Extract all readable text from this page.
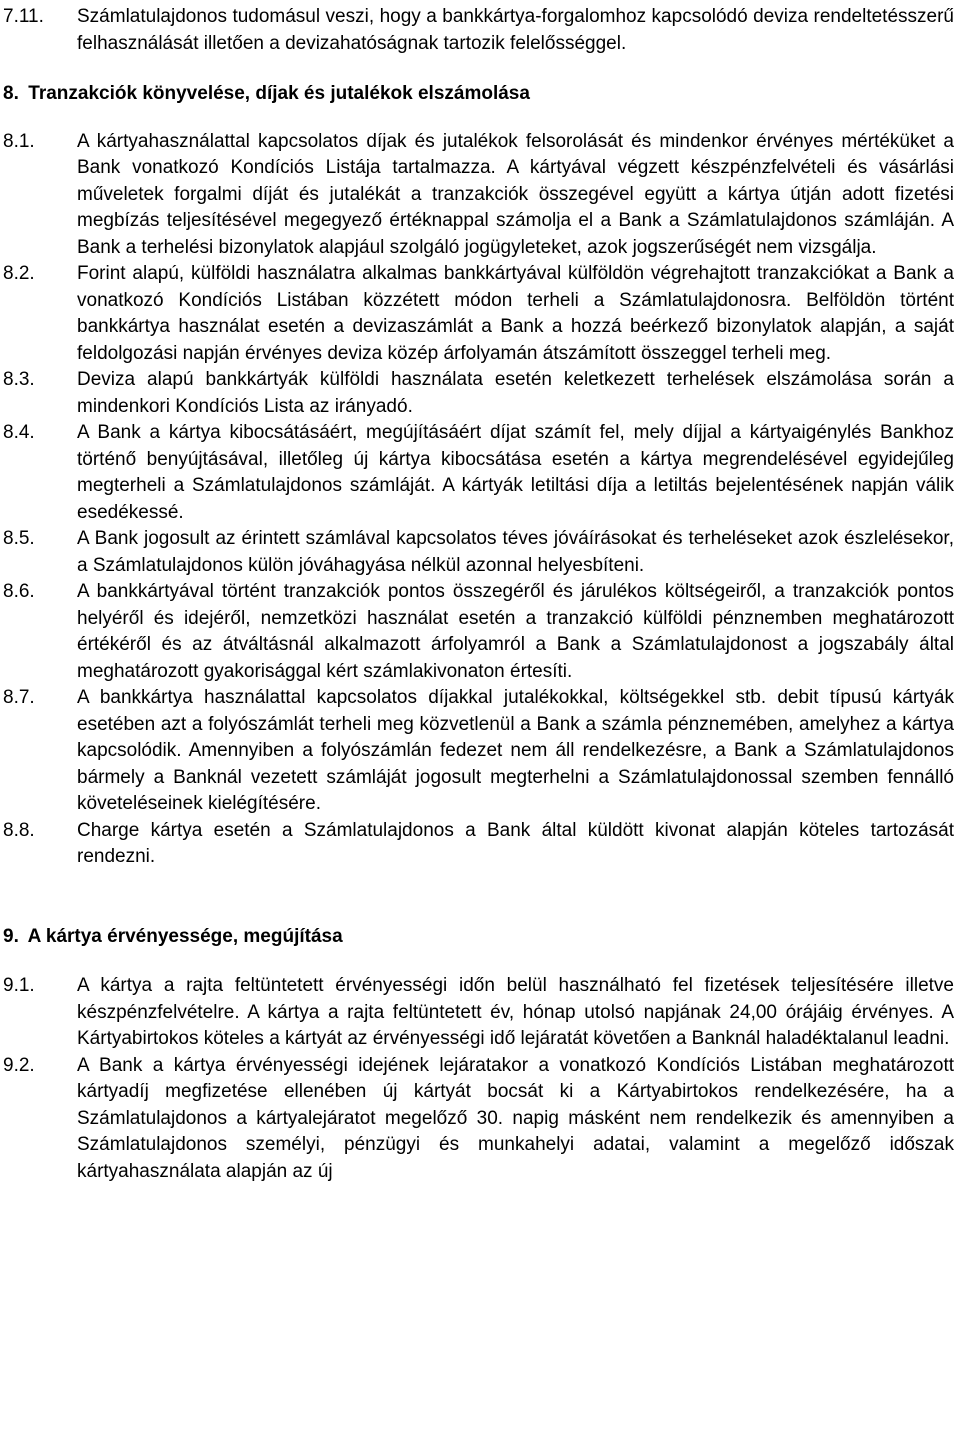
7.11. Számlatulajdonos tudomásul veszi, hogy a bankkártya-forgalomhoz kapcsolódó deviza rendeltetésszerű felhasználását illetően a devizahatóságnak tartozik felelősséggel.
8. Tranzakciók könyvelése, díjak és jutalékok elszámolása
8.1. A kártyahasználattal kapcsolatos díjak és jutalékok felsorolását és mindenkor érvényes mértéküket a Bank vonatkozó Kondíciós Listája tartalmazza. A kártyával végzett készpénzfelvételi és vásárlási műveletek forgalmi díját és jutalékát a tranzakciók összegével együtt a kártya útján adott fizetési megbízás teljesítésével megegyező értéknappal számolja el a Bank a Számlatulajdonos számláján. A Bank a terhelési bizonylatok alapjául szolgáló jogügyleteket, azok jogszerűségét nem vizsgálja.
8.2. Forint alapú, külföldi használatra alkalmas bankkártyával külföldön végrehajtott tranzakciókat a Bank a vonatkozó Kondíciós Listában közzétett módon terheli a Számlatulajdonosra. Belföldön történt bankkártya használat esetén a devizaszámlát a Bank a hozzá beérkező bizonylatok alapján, a saját feldolgozási napján érvényes deviza közép árfolyamán átszámított összeggel terheli meg.
8.3. Deviza alapú bankkártyák külföldi használata esetén keletkezett terhelések elszámolása során a mindenkori Kondíciós Lista az irányadó.
8.4. A Bank a kártya kibocsátásáért, megújításáért díjat számít fel, mely díjjal a kártyaigénylés Bankhoz történő benyújtásával, illetőleg új kártya kibocsátása esetén a kártya megrendelésével egyidejűleg megterheli a Számlatulajdonos számláját. A kártyák letiltási díja a letiltás bejelentésének napján válik esedékessé.
8.5. A Bank jogosult az érintett számlával kapcsolatos téves jóváírásokat és terheléseket azok észlelésekor, a Számlatulajdonos külön jóváhagyása nélkül azonnal helyesbíteni.
8.6. A bankkártyával történt tranzakciók pontos összegéről és járulékos költségeiről, a tranzakciók pontos helyéről és idejéről, nemzetközi használat esetén a tranzakció külföldi pénznemben meghatározott értékéről és az átváltásnál alkalmazott árfolyamról a Bank a Számlatulajdonost a jogszabály által meghatározott gyakorisággal kért számlakivonaton értesíti.
8.7. A bankkártya használattal kapcsolatos díjakkal jutalékokkal, költségekkel stb. debit típusú kártyák esetében azt a folyószámlát terheli meg közvetlenül a Bank a számla pénznemében, amelyhez a kártya kapcsolódik. Amennyiben a folyószámlán fedezet nem áll rendelkezésre, a Bank a Számlatulajdonos bármely a Banknál vezetett számláját jogosult megterhelni a Számlatulajdonossal szemben fennálló követeléseinek kielégítésére.
8.8. Charge kártya esetén a Számlatulajdonos a Bank által küldött kivonat alapján köteles tartozását rendezni.
9. A kártya érvényessége, megújítása
9.1. A kártya a rajta feltüntetett érvényességi időn belül használható fel fizetések teljesítésére illetve készpénzfelvételre. A kártya a rajta feltüntetett év, hónap utolsó napjának 24,00 órájáig érvényes. A Kártyabirtokos köteles a kártyát az érvényességi idő lejáratát követően a Banknál haladéktalanul leadni.
9.2. A Bank a kártya érvényességi idejének lejáratakor a vonatkozó Kondíciós Listában meghatározott kártyadíj megfizetése ellenében új kártyát bocsát ki a Kártyabirtokos rendelkezésére, ha a Számlatulajdonos a kártyalejáratot megelőző 30. napig másként nem rendelkezik és amennyiben a Számlatulajdonos személyi, pénzügyi és munkahelyi adatai, valamint a megelőző időszak kártyahasználata alapján az új
